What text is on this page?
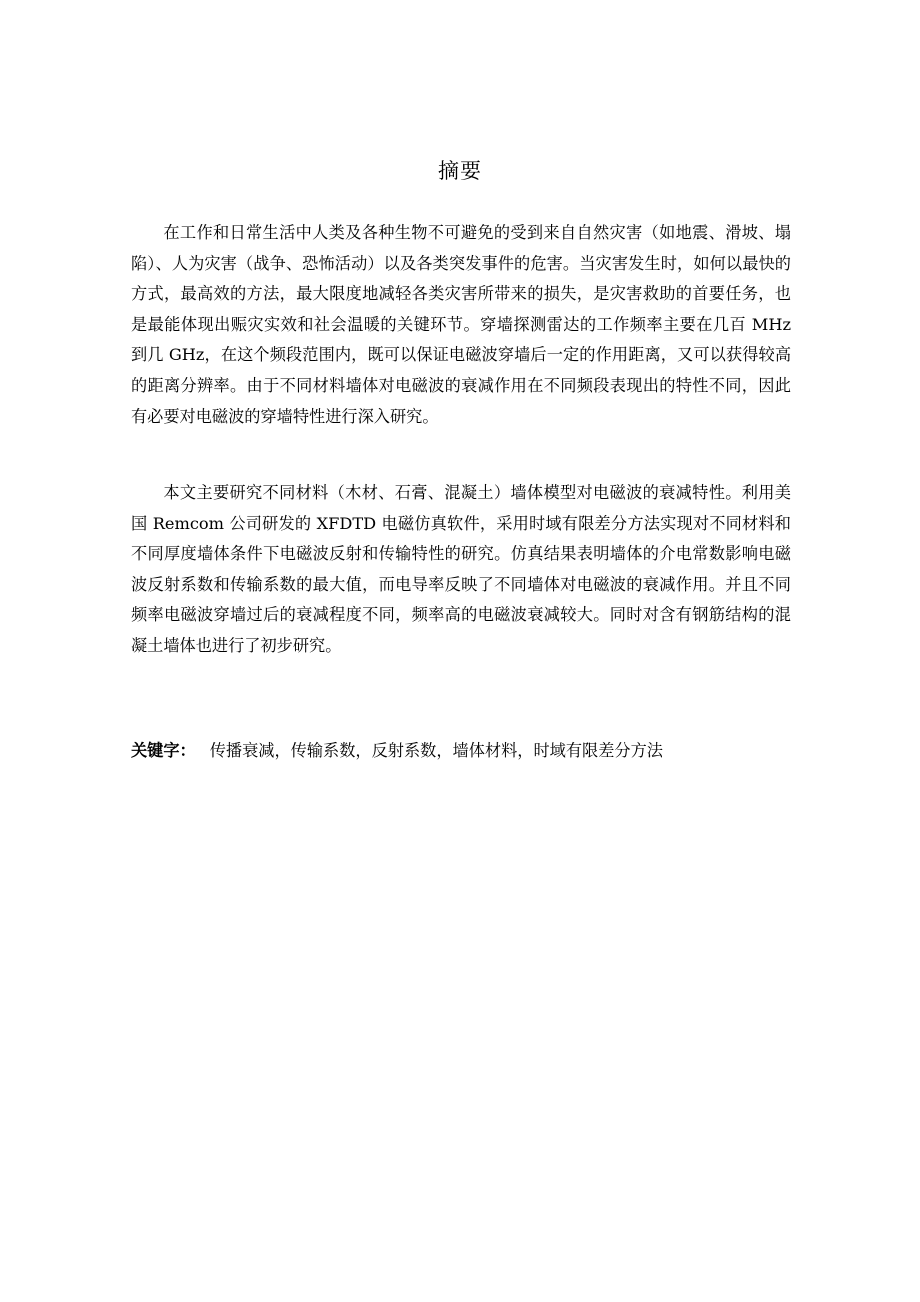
摘要

在工作和日常生活中人类及各种生物不可避免的受到来自自然灾害（如地震、滑坡、塌陷）、人为灾害（战争、恐怖活动）以及各类突发事件的危害。当灾害发生时，如何以最快的方式，最高效的方法，最大限度地减轻各类灾害所带来的损失，是灾害救助的首要任务，也是最能体现出赈灾实效和社会温暖的关键环节。穿墙探测雷达的工作频率主要在几百 MHz 到几 GHz，在这个频段范围内，既可以保证电磁波穿墙后一定的作用距离，又可以获得较高的距离分辨率。由于不同材料墙体对电磁波的衰减作用在不同频段表现出的特性不同，因此有必要对电磁波的穿墙特性进行深入研究。

本文主要研究不同材料（木材、石膏、混凝土）墙体模型对电磁波的衰减特性。利用美国 Remcom 公司研发的 XFDTD 电磁仿真软件，采用时域有限差分方法实现对不同材料和不同厚度墙体条件下电磁波反射和传输特性的研究。仿真结果表明墙体的介电常数影响电磁波反射系数和传输系数的最大值，而电导率反映了不同墙体对电磁波的衰减作用。并且不同频率电磁波穿墙过后的衰减程度不同，频率高的电磁波衰减较大。同时对含有钢筋结构的混凝土墙体也进行了初步研究。

关键字： 传播衰减，传输系数，反射系数，墙体材料，时域有限差分方法
